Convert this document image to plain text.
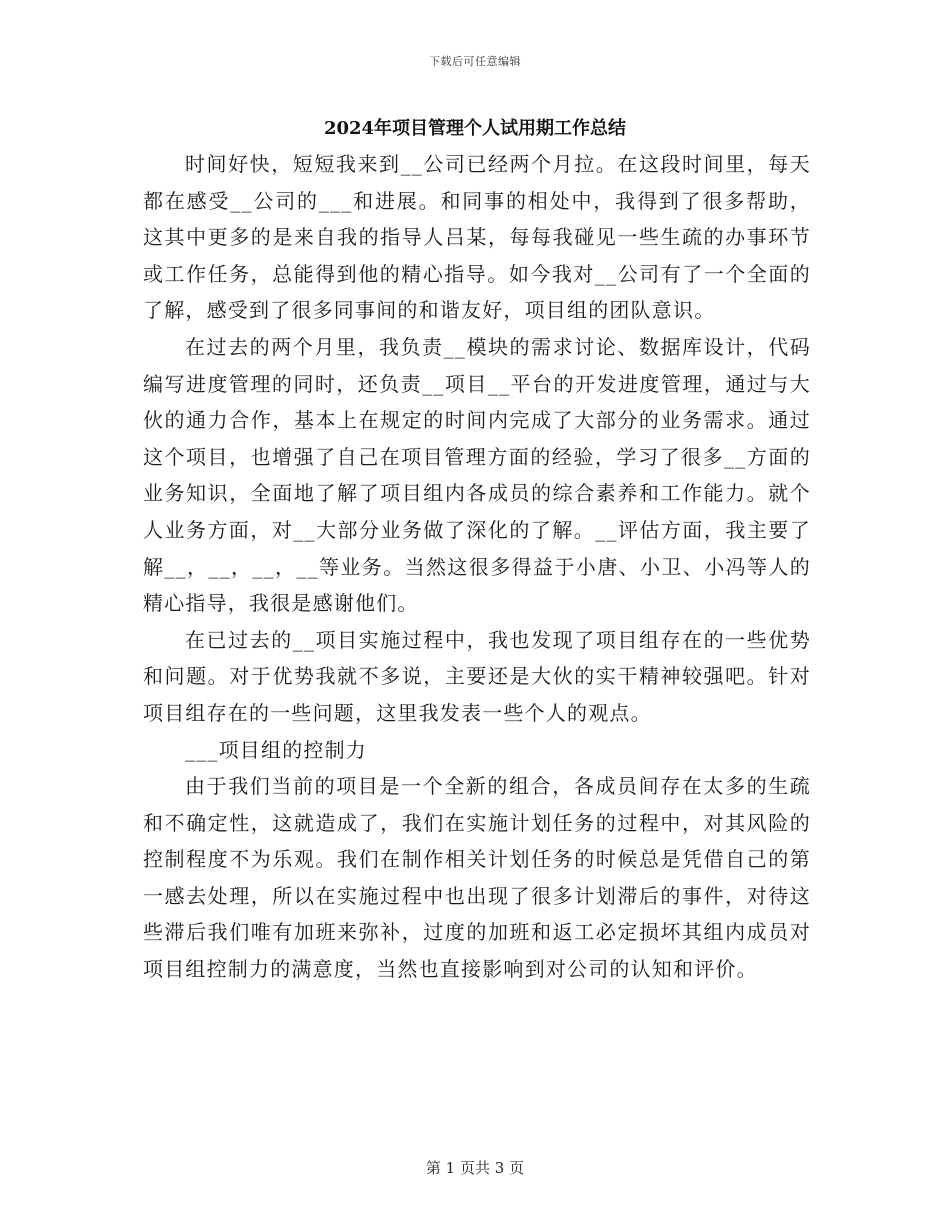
下载后可任意编辑
2024年项目管理个人试用期工作总结

时间好快，短短我来到__公司已经两个月拉。在这段时间里，每天都在感受__公司的___和进展。和同事的相处中，我得到了很多帮助，这其中更多的是来自我的指导人吕某，每每我碰见一些生疏的办事环节或工作任务，总能得到他的精心指导。如今我对__公司有了一个全面的了解，感受到了很多同事间的和谐友好，项目组的团队意识。

在过去的两个月里，我负责__模块的需求讨论、数据库设计，代码编写进度管理的同时，还负责__项目__平台的开发进度管理，通过与大伙的通力合作，基本上在规定的时间内完成了大部分的业务需求。通过这个项目，也增强了自己在项目管理方面的经验，学习了很多__方面的业务知识，全面地了解了项目组内各成员的综合素养和工作能力。就个人业务方面，对__大部分业务做了深化的了解。__评估方面，我主要了解__，__，__，__等业务。当然这很多得益于小唐、小卫、小冯等人的精心指导，我很是感谢他们。

在已过去的__项目实施过程中，我也发现了项目组存在的一些优势和问题。对于优势我就不多说，主要还是大伙的实干精神较强吧。针对项目组存在的一些问题，这里我发表一些个人的观点。

___项目组的控制力

由于我们当前的项目是一个全新的组合，各成员间存在太多的生疏和不确定性，这就造成了，我们在实施计划任务的过程中，对其风险的控制程度不为乐观。我们在制作相关计划任务的时候总是凭借自己的第一感去处理，所以在实施过程中也出现了很多计划滞后的事件，对待这些滞后我们唯有加班来弥补，过度的加班和返工必定损坏其组内成员对项目组控制力的满意度，当然也直接影响到对公司的认知和评价。

第 1 页共 3 页
